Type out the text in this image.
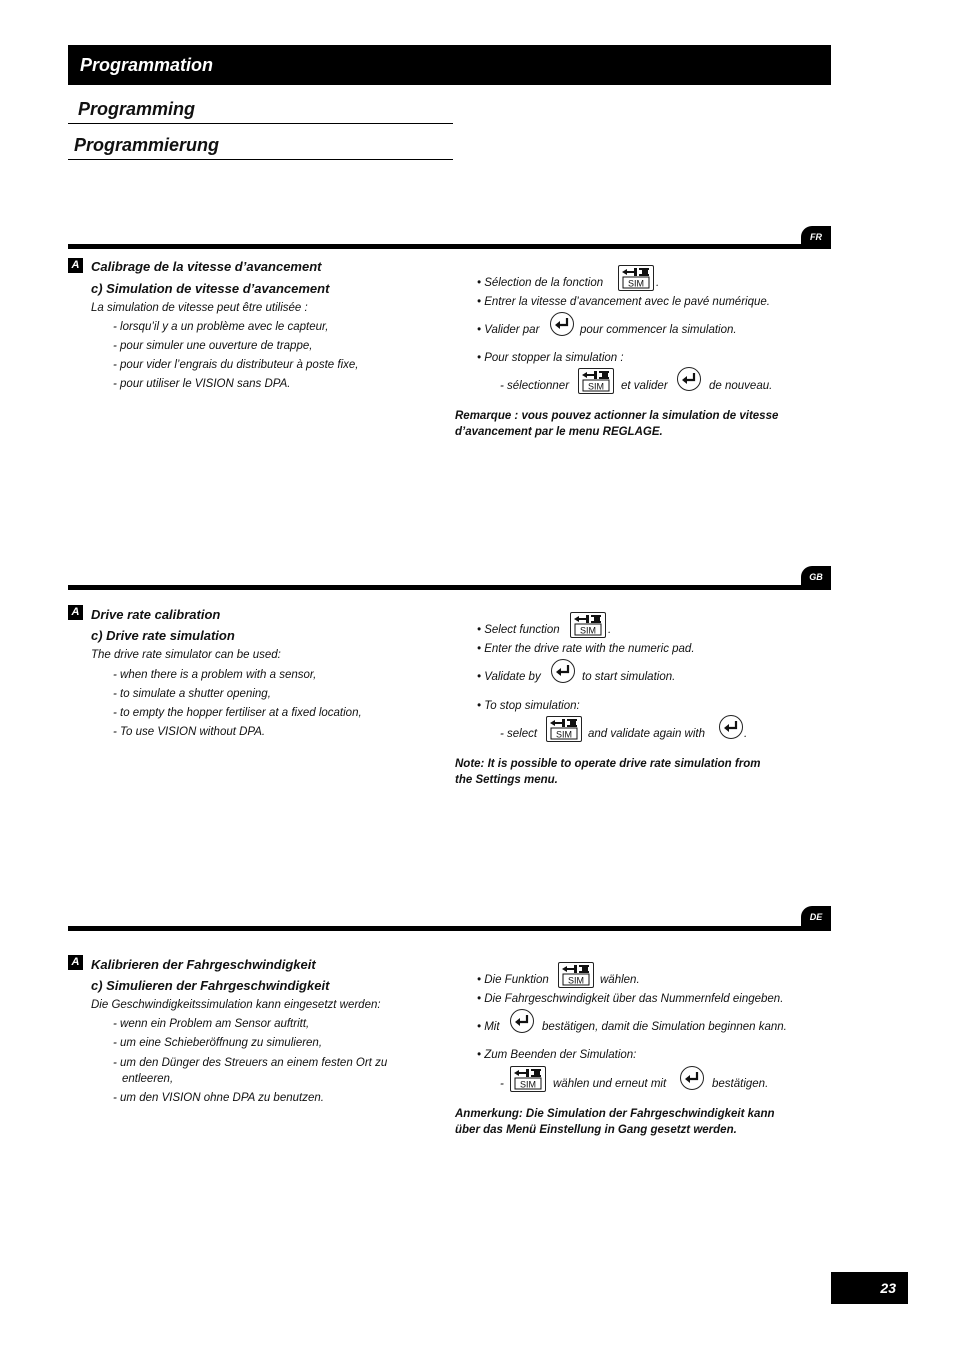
Programmation
Programming
Programmierung
FR
A Calibrage de la vitesse d’avancement
c) Simulation de vitesse d’avancement
La simulation de vitesse peut être utilisée :
- lorsqu’il y a un problème avec le capteur,
- pour simuler une ouverture de trappe,
- pour vider l’engrais du distributeur à poste fixe,
- pour utiliser le VISION sans DPA.
• Sélection de la fonction	SIM .
• Entrer la vitesse d’avancement avec le pavé numérique.
• Valider par	pour commencer la simulation.
• Pour stopper la simulation :
- sélectionner SIM et valider	de nouveau.
Remarque : vous pouvez actionner la simulation de vitesse
d’avancement par le menu REGLAGE.
GB
A Drive rate calibration
c) Drive rate simulation
The drive rate simulator can be used:
- when there is a problem with a sensor,
- to simulate a shutter opening,
- to empty the hopper fertiliser at a fixed location,
- To use VISION without DPA.
• Select function SIM .
• Enter the drive rate with the numeric pad.
• Validate by	to start simulation.
• To stop simulation:
- select SIM and validate again with	.
Note: It is possible to operate drive rate simulation from
the Settings menu.
DE
A Kalibrieren der Fahrgeschwindigkeit
c) Simulieren der Fahrgeschwindigkeit
Die Geschwindigkeitssimulation kann eingesetzt werden:
- wenn ein Problem am Sensor auftritt,
- um eine Schieberöffnung zu simulieren,
- um den Dünger des Streuers an einem festen Ort zu
entleeren,
- um den VISION ohne DPA zu benutzen.
• Die Funktion SIM wählen.
• Die Fahrgeschwindigkeit über das Nummernfeld eingeben.
• Mit	bestätigen, damit die Simulation beginnen kann.
• Zum Beenden der Simulation:
- SIM wählen und erneut mit	bestätigen.
Anmerkung: Die Simulation der Fahrgeschwindigkeit kann
über das Menü Einstellung in Gang gesetzt werden.
23
